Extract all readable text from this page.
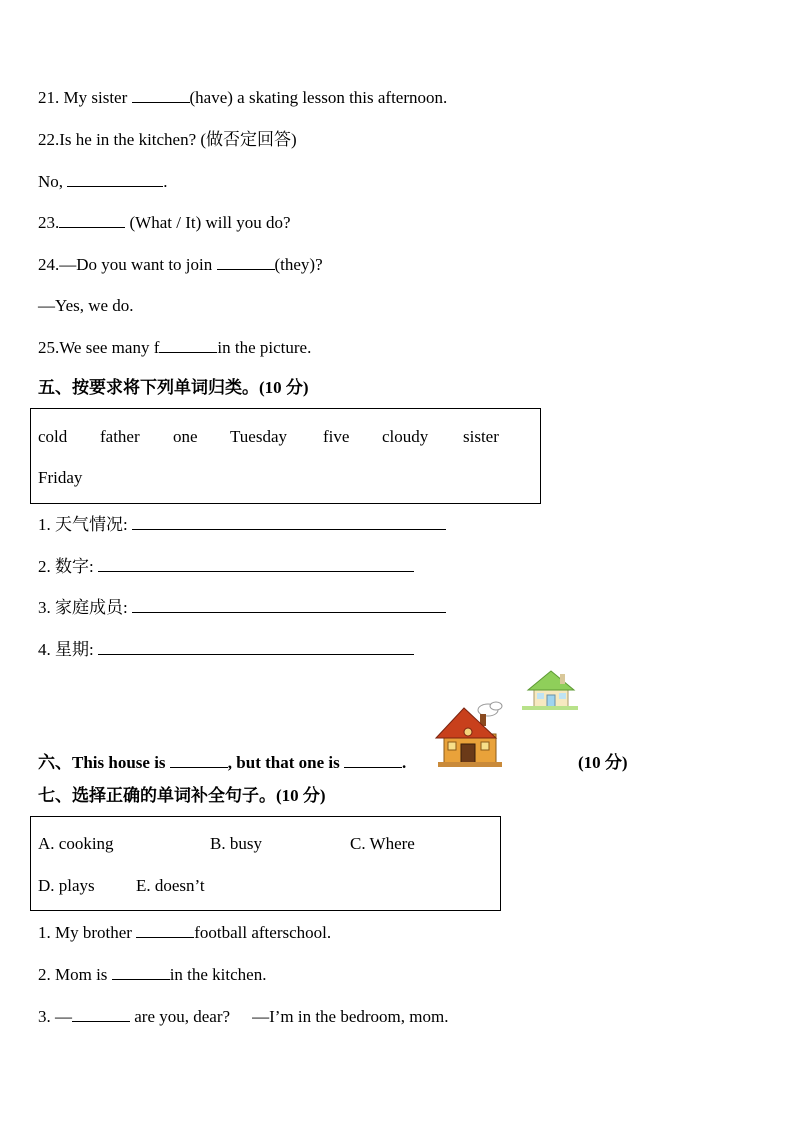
21. My sister	(have) a skating lesson this afternoon.
22.Is he in the kitchen? (做否定回答)
No,	.
23.	(What / It) will you do?
24.—Do you want to join	(they)?
—Yes, we do.
25.We see many f	in the picture.
五、按要求将下列单词归类。(10 分)
cold father one Tuesday five cloudy sister
Friday
1. 天气情况:
2. 数字:
3. 家庭成员:
4. 星期:
六、This house is	, but that one is	.	(10 分)
七、选择正确的单词补全句子。(10 分)
A. cooking	B. busy	C. Where
D. plays E. doesn’t
1. My brother	football afterschool.
2. Mom is	in the kitchen.
3. —	are you, dear? —I’m in the bedroom, mom.
